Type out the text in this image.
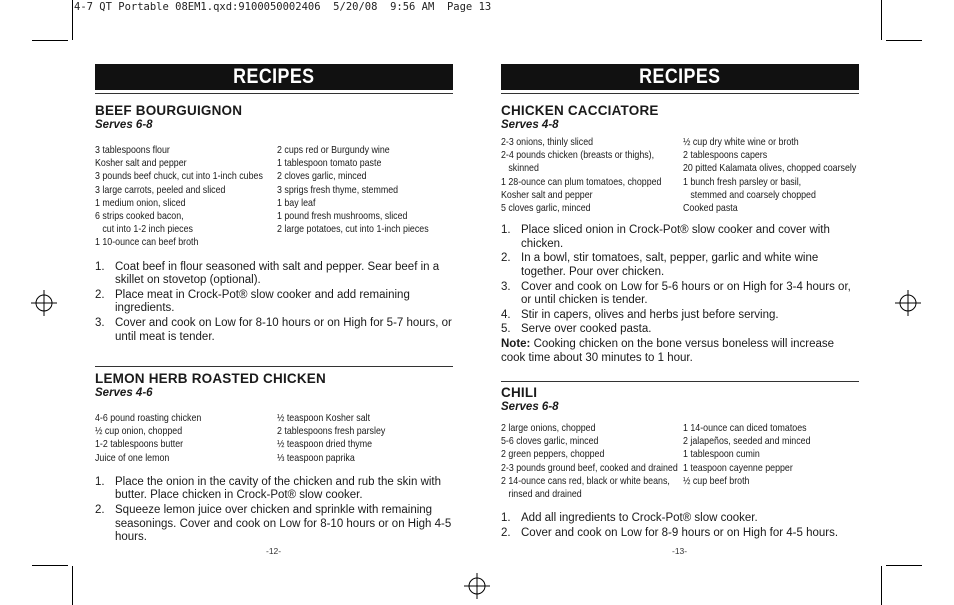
4-7 QT Portable 08EM1.qxd:9100050002406  5/20/08  9:56 AM  Page 13
RECIPES
BEEF BOURGUIGNON
Serves 6-8
3 tablespoons flour
Kosher salt and pepper
3 pounds beef chuck, cut into 1-inch cubes
3 large carrots, peeled and sliced
1 medium onion, sliced
6 strips cooked bacon,
cut into 1-2 inch pieces
1 10-ounce can beef broth
2 cups red or Burgundy wine
1 tablespoon tomato paste
2 cloves garlic, minced
3 sprigs fresh thyme, stemmed
1 bay leaf
1 pound fresh mushrooms, sliced
2 large potatoes, cut into 1-inch pieces
1. Coat beef in flour seasoned with salt and pepper. Sear beef in a skillet on stovetop (optional).
2. Place meat in Crock-Pot® slow cooker and add remaining ingredients.
3. Cover and cook on Low for 8-10 hours or on High for 5-7 hours, or until meat is tender.
LEMON HERB ROASTED CHICKEN
Serves 4-6
4-6 pound roasting chicken
½ cup onion, chopped
1-2 tablespoons butter
Juice of one lemon
½ teaspoon Kosher salt
2 tablespoons fresh parsley
½ teaspoon dried thyme
⅓ teaspoon paprika
1. Place the onion in the cavity of the chicken and rub the skin with butter. Place chicken in Crock-Pot® slow cooker.
2. Squeeze lemon juice over chicken and sprinkle with remaining seasonings. Cover and cook on Low for 8-10 hours or on High 4-5 hours.
-12-
RECIPES
CHICKEN CACCIATORE
Serves 4-8
2-3 onions, thinly sliced
2-4 pounds chicken (breasts or thighs),
skinned
1 28-ounce can plum tomatoes, chopped
Kosher salt and pepper
5 cloves garlic, minced
½ cup dry white wine or broth
2 tablespoons capers
20 pitted Kalamata olives, chopped coarsely
1 bunch fresh parsley or basil,
stemmed and coarsely chopped
Cooked pasta
1. Place sliced onion in Crock-Pot® slow cooker and cover with chicken.
2. In a bowl, stir tomatoes, salt, pepper, garlic and white wine together. Pour over chicken.
3. Cover and cook on Low for 5-6 hours or on High for 3-4 hours or, or until chicken is tender.
4. Stir in capers, olives and herbs just before serving.
5. Serve over cooked pasta.
Note: Cooking chicken on the bone versus boneless will increase cook time about 30 minutes to 1 hour.
CHILI
Serves 6-8
2 large onions, chopped
5-6 cloves garlic, minced
2 green peppers, chopped
2-3 pounds ground beef, cooked and drained
2 14-ounce cans red, black or white beans,
rinsed and drained
1 14-ounce can diced tomatoes
2 jalapeños, seeded and minced
1 tablespoon cumin
1 teaspoon cayenne pepper
½ cup beef broth
1. Add all ingredients to Crock-Pot® slow cooker.
2. Cover and cook on Low for 8-9 hours or on High for 4-5 hours.
-13-
